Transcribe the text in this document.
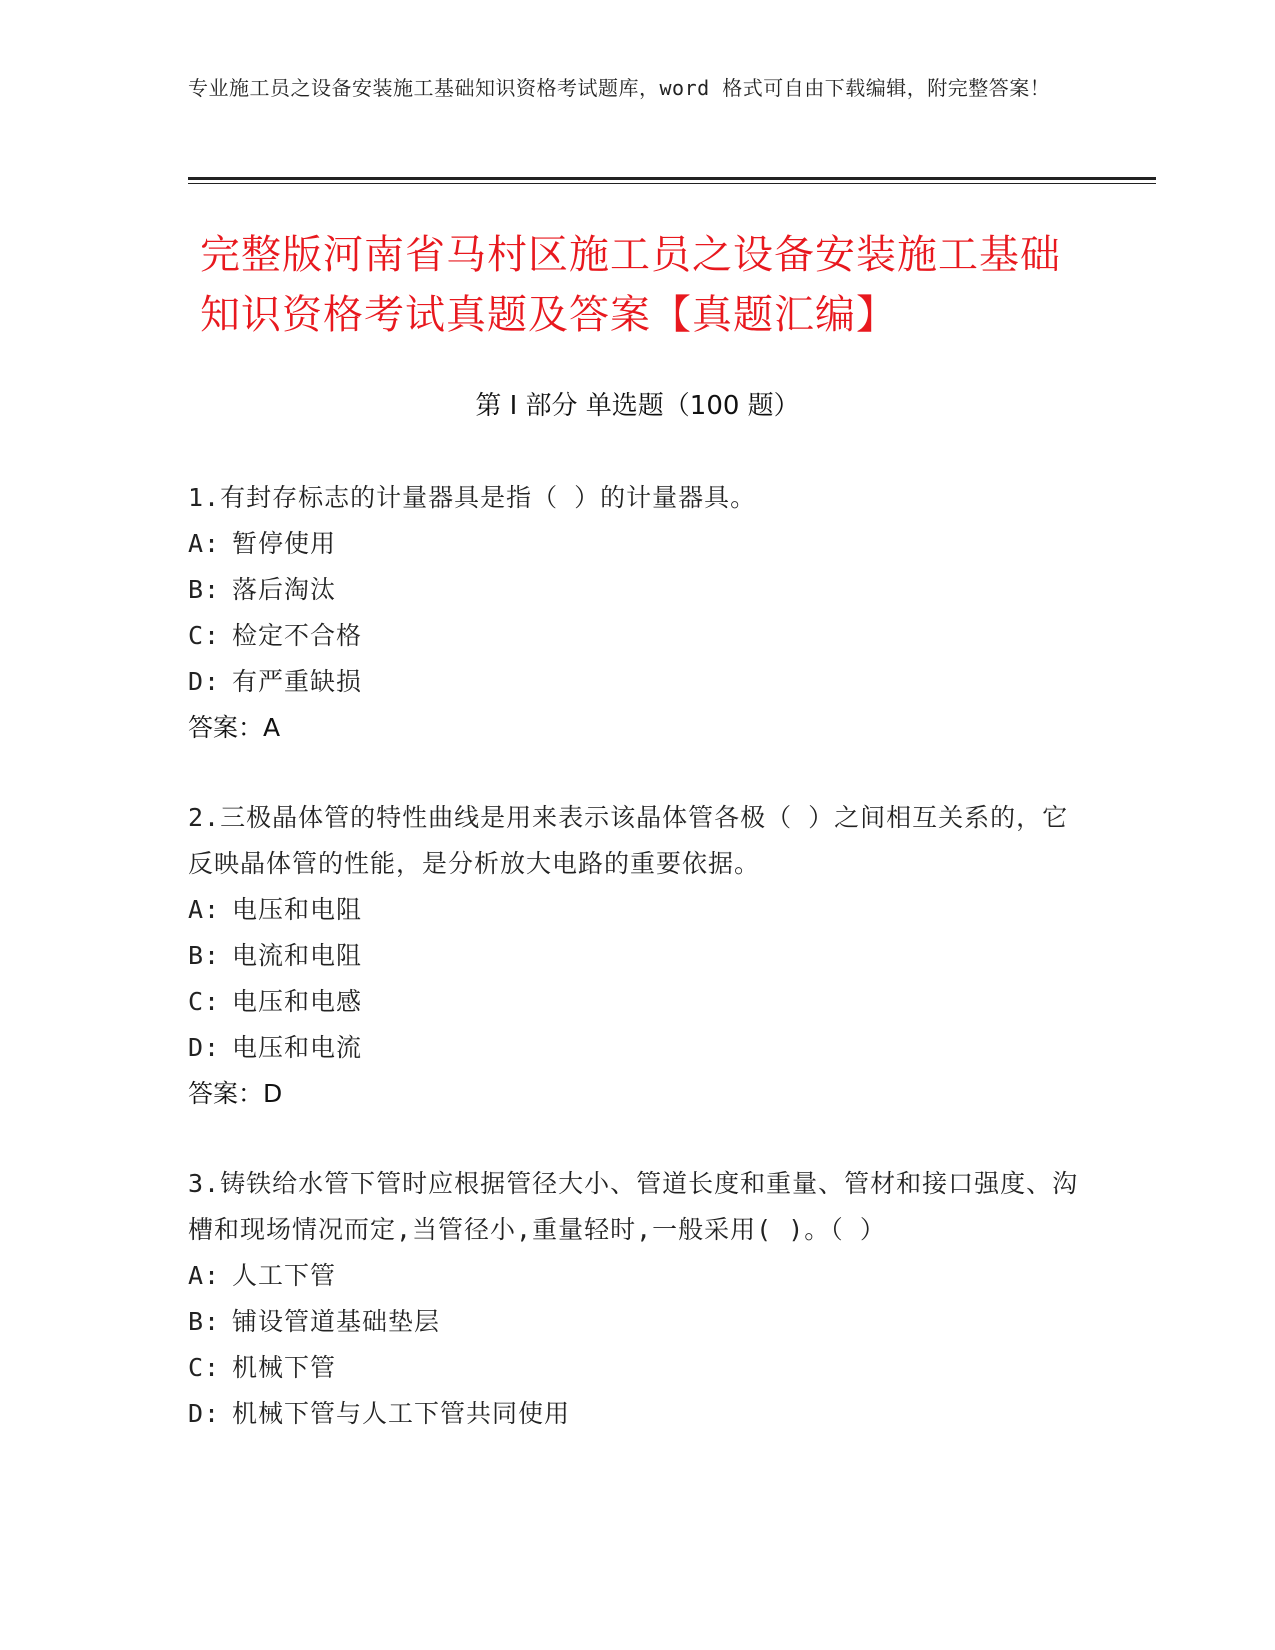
专业施工员之设备安装施工基础知识资格考试题库，word 格式可自由下载编辑，附完整答案！
完整版河南省马村区施工员之设备安装施工基础知识资格考试真题及答案【真题汇编】
第 I 部分 单选题（100 题）
1.有封存标志的计量器具是指（ ）的计量器具。
A: 暂停使用
B: 落后淘汰
C: 检定不合格
D: 有严重缺损
答案：A
2.三极晶体管的特性曲线是用来表示该晶体管各极（ ）之间相互关系的，它反映晶体管的性能，是分析放大电路的重要依据。
A: 电压和电阻
B: 电流和电阻
C: 电压和电感
D: 电压和电流
答案：D
3.铸铁给水管下管时应根据管径大小、管道长度和重量、管材和接口强度、沟槽和现场情况而定,当管径小,重量轻时,一般采用( )。（ ）
A: 人工下管
B: 铺设管道基础垫层
C: 机械下管
D: 机械下管与人工下管共同使用
